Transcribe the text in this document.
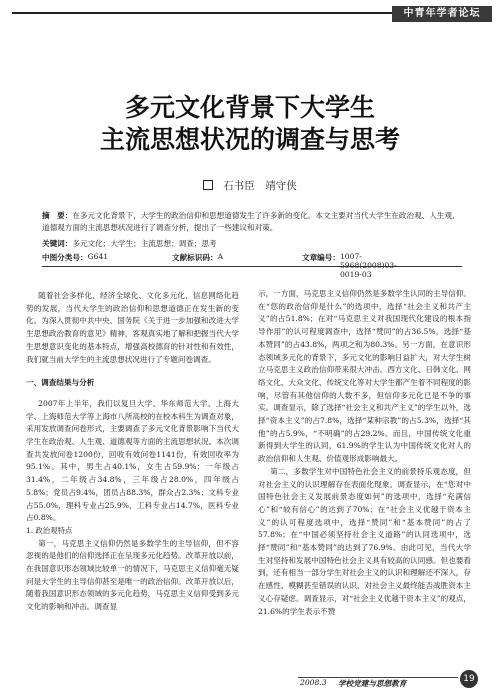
中青年学者论坛
多元文化背景下大学生
主流思想状况的调查与思考
石书臣　靖守侠
摘　要：在多元文化背景下，大学生的政治信仰和思想道德发生了许多新的变化。本文主要对当代大学生在政治观、人生观、道德观方面的主流思想状况进行了调查分析，提出了一些建议和对策。
关键词：多元文化；大学生；主流思想；调查；思考
中图分类号： G641	文献标识码： A	文章编号： 1007- 0019-03

随着社会多样化、经济全球化、文化多元化、信息网络化趋势的发展，当代大学生的政治信仰和思想道德正在发生新的变化。为深入贯彻中共中央、国务院《关于进一步加强和改进大学生思想政治教育的意见》精神，客观真实地了解和把握当代大学生思想意识变化的基本特点，增强高校德育的针对性和有效性，我们就当前大学生的主流思想状况进行了专题问卷调查。

一、调查结果与分析

2007年上半年，我们以复旦大学、华东师范大学、上海大学、上海师范大学等上海市八所高校的在校本科生为调查对象，采用发放调查问卷形式，主要调查了多元文化背景影响下当代大学生在政治观、人生观、道德观等方面的主流思想状况。本次调查共发放问卷1200份，回收有效问卷1141份，有效回收率为95.1%。其中，男生占40.1%，女生占59.9%；一年级占31.4%，二年级占34.8%，三年级占28.0%，四年级占5.8%；党员占9.4%，团员占88.3%，群众占2.3%；文科专业占55.0%，理科专业占25.9%，工科专业占14.7%，医科专业占0.8%。

1. 政治观特点

第一，马克思主义信仰仍然是多数学生的主导信仰，但不容忽视的是他们的信仰选择正在呈现多元化趋势。改革开放以前，在我国意识形态领域比较单一的情况下，马克思主义信仰毫无疑问是大学生的主导信仰甚至是唯一的政治信仰。改革开放以后，随着我国意识形态领域的多元化趋势，马克思主义信仰受到多元文化的影响和冲击。调查显

示，一方面，马克思主义信仰仍然是多数学生认同的主导信仰。在“您的政治信仰是什么”的选项中，选择“社会主义和共产主义”的占51.8%；在对“马克思主义对我国现代化建设的根本指导作用”的认可程度调查中，选择“赞同”的占36.5%，选择“基本赞同”的占43.8%，两项之和为80.3%。另一方面，在意识形态领域多元化的背景下，多元文化的影响日益扩大，对大学生树立马克思主义政治信仰带来很大冲击。西方文化、日韩文化、网络文化、大众文化、传统文化等对大学生都产生着不同程度的影响，尽管有其他信仰的人数不多，但信仰多元化已是不争的事实。调查显示，除了选择“社会主义和共产主义”的学生以外，选择“资本主义”的占7.8%，选择“某种宗教”的占5.3%，选择“其他”的占5.9%，“不明确”的占29.2%。而且，中国传统文化重新得到大学生的认同，61.9%的学生认为中国传统文化对人的政治信仰和人生观、价值观形成影响最大。

第二，多数学生对中国特色社会主义的前景持乐观态度，但对社会主义的认识理解存在表面化现象。调查显示，在“您对中国特色社会主义发展前景态度如何”的选项中，选择“充满信心”和“较有信心”的达到了70%；在“社会主义优越于资本主义”的认可程度选项中，选择“赞同”和“基本赞同”的占了57.8%；在“中国必须坚持社会主义道路”的认同选项中，选择“赞同”和“基本赞同”的达到了76.9%。由此可见，当代大学生对坚持和发展中国特色社会主义具有较高的认同感。但也要看到，还有相当一部分学生对社会主义的认识和理解还不深入，存在感性、模糊甚至错误的认识，对社会主义最终能否战胜资本主义心存疑虑。调查显示，对“社会主义优越于资本主义”的观点，21.6%的学生表示不赞

2008.3 学校党建与思想教育	19
